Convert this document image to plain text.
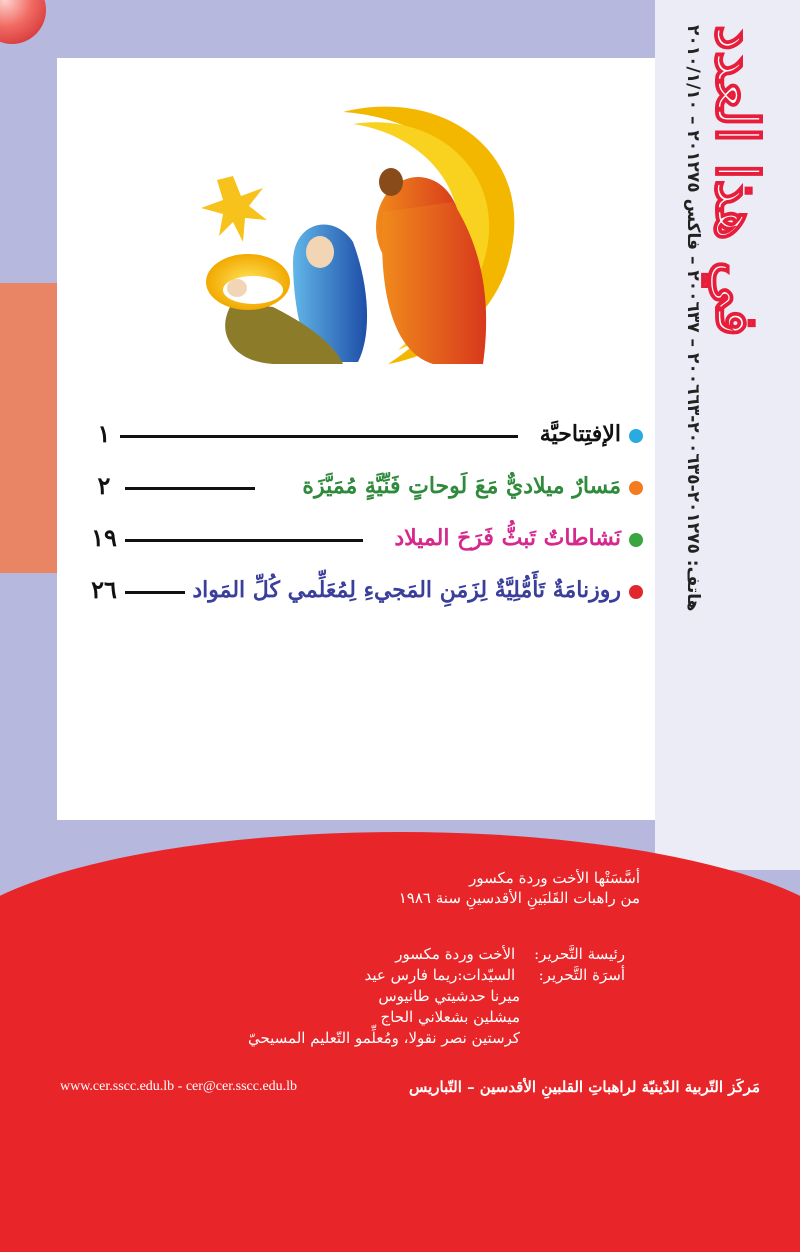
في هذا العدد
هاتف: ٢٠١٢٧٥-٢٠٠٦٣٥-٢٠٠٦٦٣ – ٢٠٠٦٣٧ – فاكس ٢٠١٢٧٥ – ٢٠١٠/١/١٠
الإفتِتاحيَّة
١
مَسارٌ ميلاديٌّ مَعَ لَوحاتٍ فَنِّيَّةٍ مُمَيَّزَة
٢
نَشاطاتٌ تَبثُّ فَرَحَ الميلاد
١٩
روزنامَةٌ تَأَمُّلِيَّةٌ لِزَمَنِ المَجيءِ لِمُعَلِّمي كُلِّ المَواد
٢٦
أسَّسَتْها الأخت وردة مكسور
من راهبات القَلبَينِ الأقدسينِ سنة ١٩٨٦
رئيسة التَّحرير: الأخت وردة مكسور
أسرَة التَّحرير: السيّدات:ريما فارس عيد
ميرنا حدشيتي طانيوس
ميشلين بشعلاني الحاج
كرستين نصر نقولا، ومُعلِّمو التّعليم المسيحيّ
www.cer.sscc.edu.lb - cer@cer.sscc.edu.lb	مَركَز التّربية الدّينيّة لراهباتِ القلبينِ الأقدسين – التّباريس
